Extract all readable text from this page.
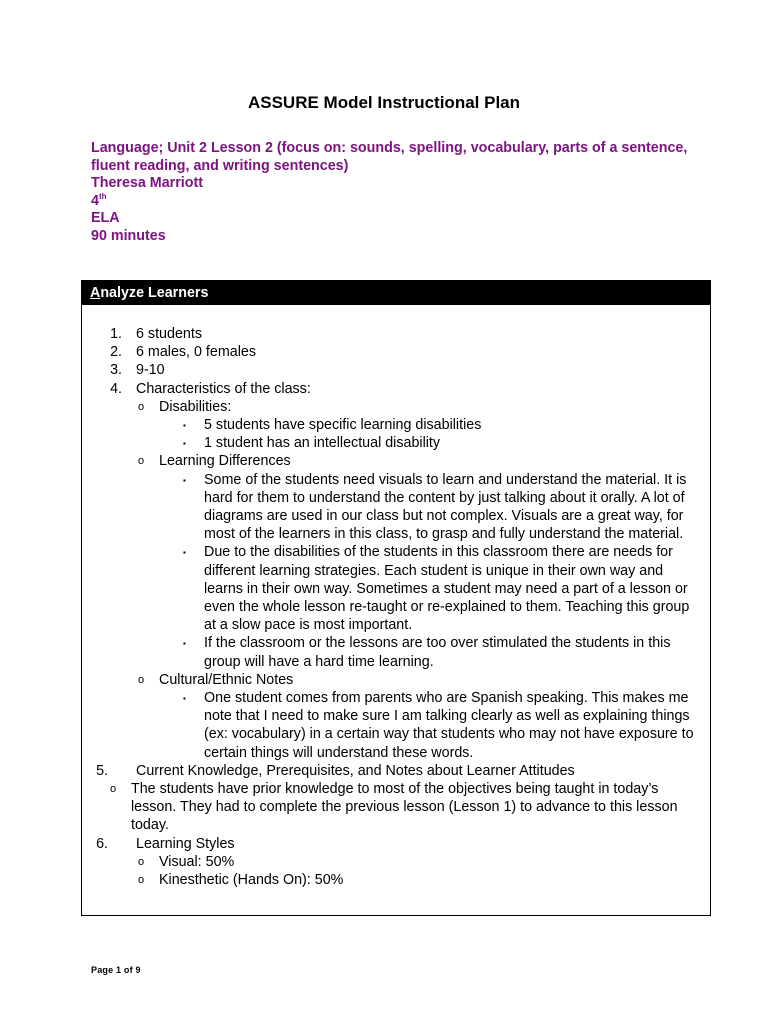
ASSURE Model Instructional Plan
Language; Unit 2 Lesson 2 (focus on: sounds, spelling, vocabulary, parts of a sentence, fluent reading, and writing sentences)
Theresa Marriott
4th
ELA
90 minutes
Analyze Learners
1. 6 students
2. 6 males, 0 females
3. 9-10
4. Characteristics of the class:
o Disabilities:
▪ 5 students have specific learning disabilities
▪ 1 student has an intellectual disability
o Learning Differences
▪ Some of the students need visuals to learn and understand the material. It is hard for them to understand the content by just talking about it orally. A lot of diagrams are used in our class but not complex. Visuals are a great way, for most of the learners in this class, to grasp and fully understand the material.
▪ Due to the disabilities of the students in this classroom there are needs for different learning strategies. Each student is unique in their own way and learns in their own way. Sometimes a student may need a part of a lesson or even the whole lesson re-taught or re-explained to them. Teaching this group at a slow pace is most important.
▪ If the classroom or the lessons are too over stimulated the students in this group will have a hard time learning.
o Cultural/Ethnic Notes
▪ One student comes from parents who are Spanish speaking. This makes me note that I need to make sure I am talking clearly as well as explaining things (ex: vocabulary) in a certain way that students who may not have exposure to certain things will understand these words.
5. Current Knowledge, Prerequisites, and Notes about Learner Attitudes
o The students have prior knowledge to most of the objectives being taught in today’s lesson. They had to complete the previous lesson (Lesson 1) to advance to this lesson today.
6. Learning Styles
o Visual: 50%
o Kinesthetic (Hands On): 50%
Page 1 of 9
